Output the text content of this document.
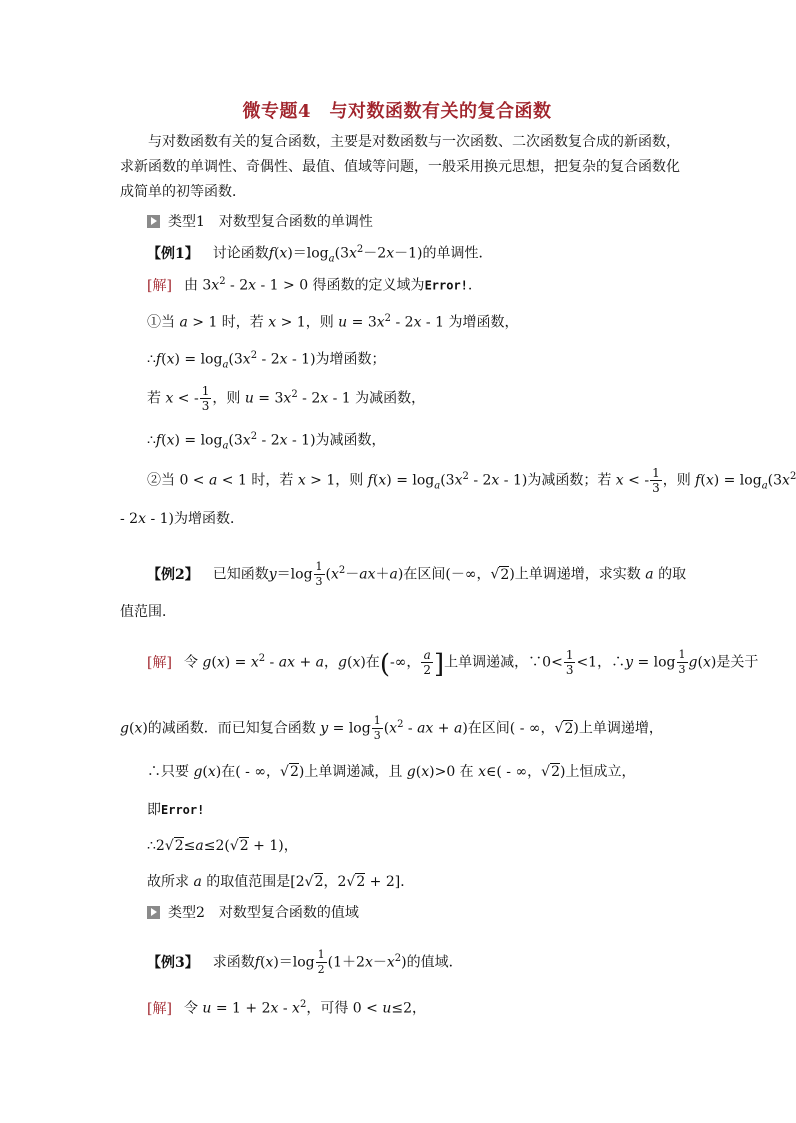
微专题4　与对数函数有关的复合函数
与对数函数有关的复合函数，主要是对数函数与一次函数、二次函数复合成的新函数，求新函数的单调性、奇偶性、最值、值域等问题，一般采用换元思想，把复杂的复合函数化成简单的初等函数．
类型1　对数型复合函数的单调性
【例1】 讨论函数$f(x)=\log_a(3x^2-2x-1)$的单调性．
[解] 由 $3x^2 - 2x - 1 > 0$ 得函数的定义域为Error!.
①当 a > 1 时，若 x > 1，则 $u = 3x^2 - 2x - 1$ 为增函数，
∴f(x) = $\log_a(3x^2 - 2x - 1)$为增函数；
若 x < - $\frac{1}{3}$ ，则 $u = 3x^2 - 2x - 1$ 为减函数，
∴f(x) = $\log_a(3x^2 - 2x - 1)$为减函数，
②当 0 < a < 1 时，若 x > 1，则 $f(x) = \log_a(3x^2 - 2x - 1)$为减函数；若 x < - $\frac{1}{3}$ ，则 $f(x) = \log_a(3x^2$
- 2x - 1)为增函数．
【例2】 已知函数$y=\log \frac{1}{3} (x^2-ax+a)$在区间(－∞，√2)上单调递增，求实数 a 的取
值范围．
[解] 令 $g(x) = x^2$ - ax + a，g(x)在(-∞， $\frac{a}{2}$ ]上单调递减，∵0< $\frac{1}{3} <1$，∴y = $\log \frac{1}{3} g(x)$是关于
g(x)的减函数．而已知复合函数 $y = \log \frac{1}{3} (x^2$ - ax + a)在区间( - ∞，√2)上单调递增，
∴只要 g(x)在( - ∞，√2)上单调递减，且 g(x)>0 在 x∈( - ∞，√2)上恒成立，
即Error!
∴2√2≤a≤2(√2 + 1)，
故所求 a 的取值范围是[2√2，2√2 + 2]．
类型2　对数型复合函数的值域
【例3】 求函数$f(x)=\log \frac{1}{2} (1+2x-x^2)$的值域．
[解] 令 $u = 1 + 2x - x^2$，可得 0 < u≤2，
